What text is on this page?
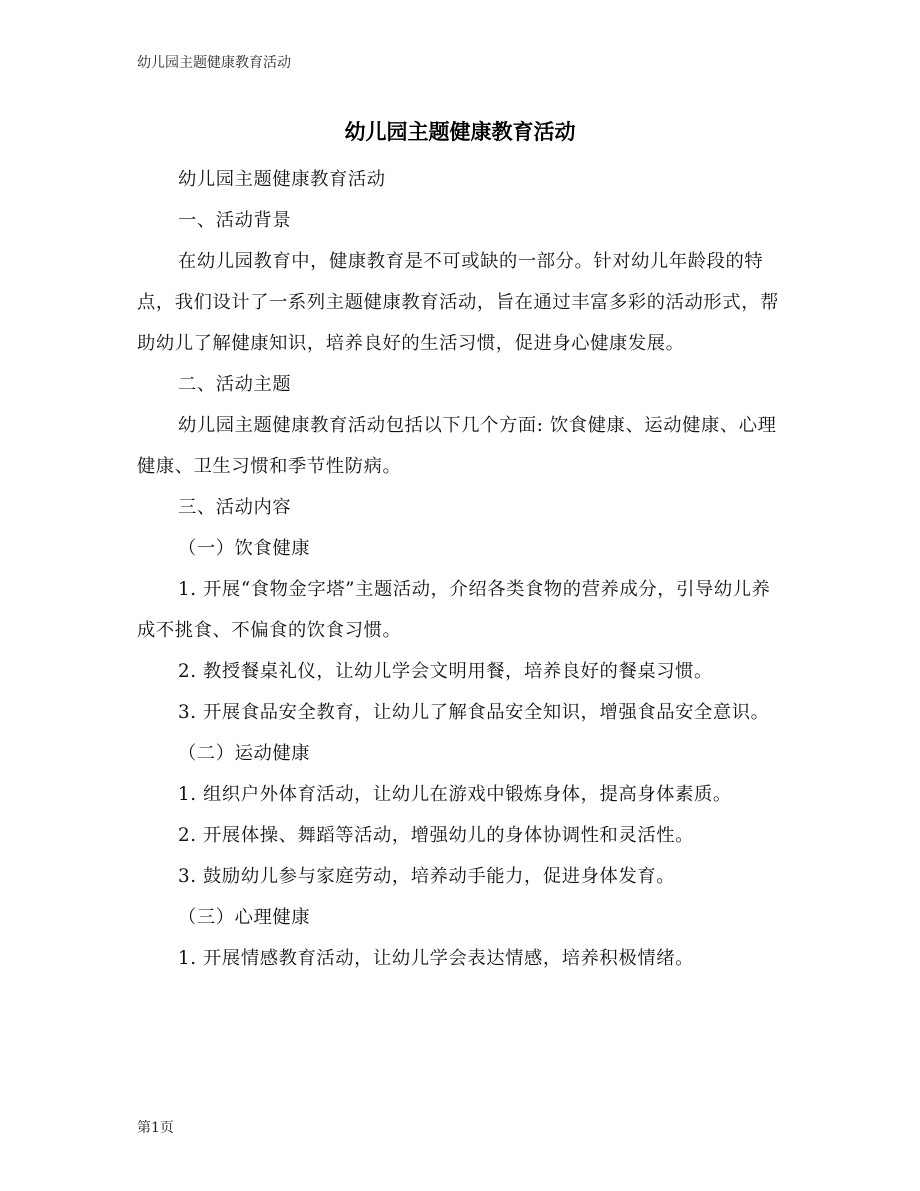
幼儿园主题健康教育活动
幼儿园主题健康教育活动

幼儿园主题健康教育活动

一、活动背景

在幼儿园教育中，健康教育是不可或缺的一部分。针对幼儿年龄段的特点，我们设计了一系列主题健康教育活动，旨在通过丰富多彩的活动形式，帮助幼儿了解健康知识，培养良好的生活习惯，促进身心健康发展。

二、活动主题

幼儿园主题健康教育活动包括以下几个方面: 饮食健康、运动健康、心理健康、卫生习惯和季节性防病。

三、活动内容

（一）饮食健康

1. 开展“食物金字塔”主题活动，介绍各类食物的营养成分，引导幼儿养成不挑食、不偏食的饮食习惯。

2. 教授餐桌礼仪，让幼儿学会文明用餐，培养良好的餐桌习惯。

3. 开展食品安全教育，让幼儿了解食品安全知识，增强食品安全意识。

（二）运动健康

1. 组织户外体育活动，让幼儿在游戏中锻炼身体，提高身体素质。

2. 开展体操、舞蹈等活动，增强幼儿的身体协调性和灵活性。

3. 鼓励幼儿参与家庭劳动，培养动手能力，促进身体发育。

（三）心理健康

1. 开展情感教育活动，让幼儿学会表达情感，培养积极情绪。

第1页
